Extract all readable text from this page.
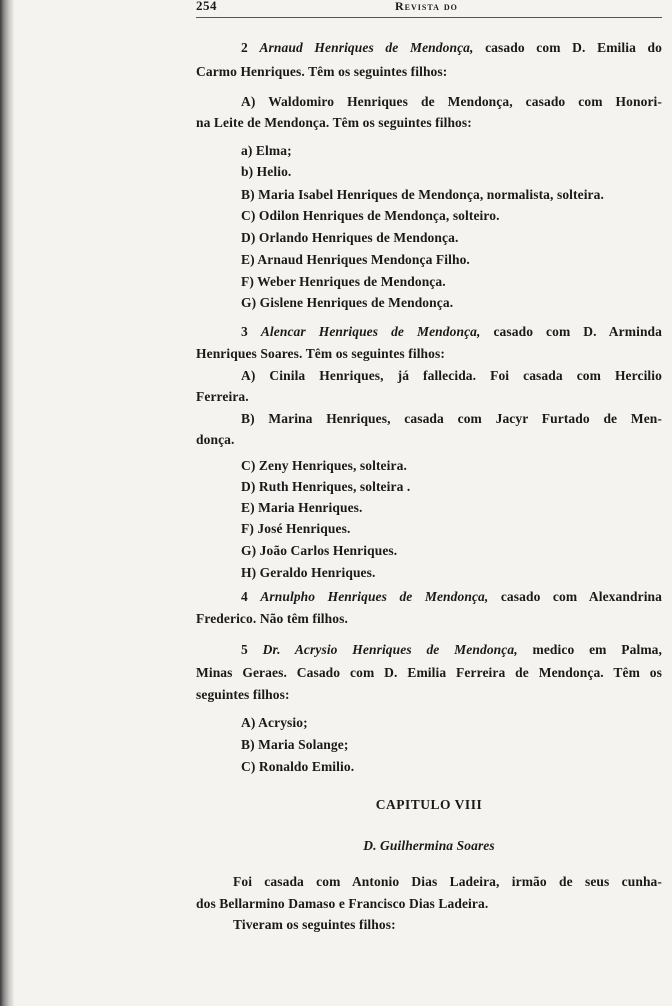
254	Revista do
2 Arnaud Henriques de Mendonça, casado com D. Emilia do
Carmo Henriques. Têm os seguintes filhos:
A) Waldomiro Henriques de Mendonça, casado com Honori-
na Leite de Mendonça. Têm os seguintes filhos:
a) Elma;
b) Helio.
B) Maria Isabel Henriques de Mendonça, normalista, solteira.
C) Odilon Henriques de Mendonça, solteiro.
D) Orlando Henriques de Mendonça.
E) Arnaud Henriques Mendonça Filho.
F) Weber Henriques de Mendonça.
G) Gislene Henriques de Mendonça.
3 Alencar Henriques de Mendonça, casado com D. Arminda
Henriques Soares. Têm os seguintes filhos:
A) Cinila Henriques, já fallecida. Foi casada com Hercilio
Ferreira.
B) Marina Henriques, casada com Jacyr Furtado de Men-
donça.
C) Zeny Henriques, solteira.
D) Ruth Henriques, solteira .
E) Maria Henriques.
F) José Henriques.
G) João Carlos Henriques.
H) Geraldo Henriques.
4 Arnulpho Henriques de Mendonça, casado com Alexandrina
Frederico. Não têm filhos.
5 Dr. Acrysio Henriques de Mendonça, medico em Palma,
Minas Geraes. Casado com D. Emilia Ferreira de Mendonça. Têm os
seguintes filhos:
A) Acrysio;
B) Maria Solange;
C) Ronaldo Emilio.
CAPITULO VIII
D. Guilhermina Soares
Foi casada com Antonio Dias Ladeira, irmão de seus cunha-
dos Bellarmino Damaso e Francisco Dias Ladeira.
Tiveram os seguintes filhos:
